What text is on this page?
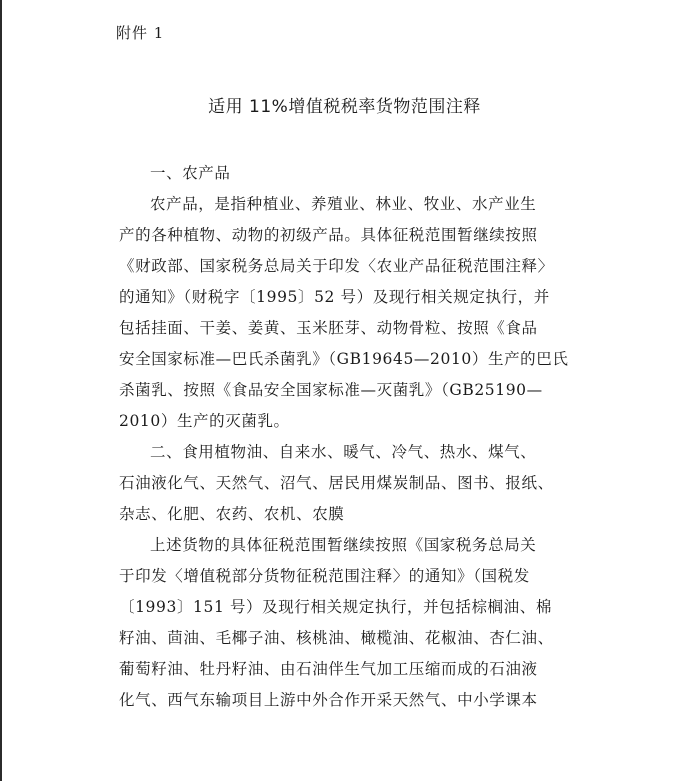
附件 1
适用 11%增值税税率货物范围注释
一、农产品
农产品，是指种植业、养殖业、林业、牧业、水产业生
产的各种植物、动物的初级产品。具体征税范围暂继续按照
《财政部、国家税务总局关于印发〈农业产品征税范围注释〉
的通知》（财税字〔1995〕52 号）及现行相关规定执行，并
包括挂面、干姜、姜黄、玉米胚芽、动物骨粒、按照《食品
安全国家标准—巴氏杀菌乳》（GB19645—2010）生产的巴氏
杀菌乳、按照《食品安全国家标准—灭菌乳》（GB25190—
2010）生产的灭菌乳。
二、食用植物油、自来水、暖气、冷气、热水、煤气、
石油液化气、天然气、沼气、居民用煤炭制品、图书、报纸、
杂志、化肥、农药、农机、农膜
上述货物的具体征税范围暂继续按照《国家税务总局关
于印发〈增值税部分货物征税范围注释〉的通知》（国税发
〔1993〕151 号）及现行相关规定执行，并包括棕榈油、棉
籽油、茴油、毛椰子油、核桃油、橄榄油、花椒油、杏仁油、
葡萄籽油、牡丹籽油、由石油伴生气加工压缩而成的石油液
化气、西气东输项目上游中外合作开采天然气、中小学课本
